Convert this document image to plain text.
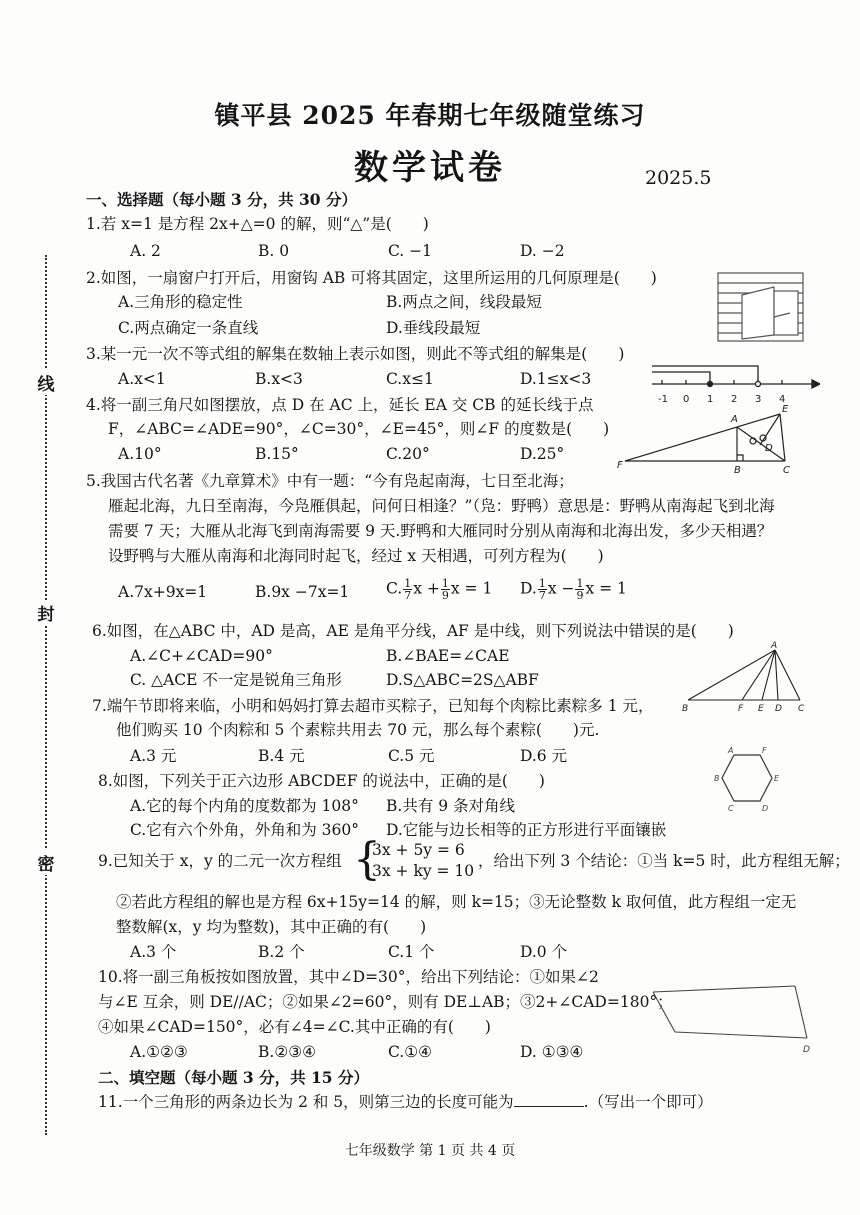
线
封
密
镇平县 2025 年春期七年级随堂练习
数学试卷	2025.5
一、选择题（每小题 3 分，共 30 分）
1.若 x=1 是方程 2x+△=0 的解，则“△”是(　　)
A. 2	B. 0	C. −1	D. −2
2.如图，一扇窗户打开后，用窗钩 AB 可将其固定，这里所运用的几何原理是(　　)
A.三角形的稳定性	B.两点之间，线段最短
C.两点确定一条直线	D.垂线段最短
3.某一元一次不等式组的解集在数轴上表示如图，则此不等式组的解集是(　　)
A.x<1	B.x<3	C.x≤1	D.1≤x<3
-1 0 1 2 3 4
4.将一副三角尺如图摆放，点 D 在 AC 上，延长 EA 交 CB 的延长线于点
F，∠ABC=∠ADE=90°，∠C=30°，∠E=45°，则∠F 的度数是(　　)
A.10°	B.15°	C.20°	D.25°
A
B	C
D
E
F
5.我国古代名著《九章算术》中有一题：“今有凫起南海，七日至北海；
雁起北海，九日至南海，今凫雁俱起，问何日相逢？”（凫：野鸭）意思是：野鸭从南海起飞到北海
需要 7 天；大雁从北海飞到南海需要 9 天.野鸭和大雁同时分别从南海和北海出发，多少天相遇？
设野鸭与大雁从南海和北海同时起飞，经过 x 天相遇，可列方程为(　　)
A.7x+9x=1	B.9x −7x=1 C. $\frac{1}{7}$ $x + \frac{1}{9}$ x = 1 D. $\frac{1}{7}$ $x - \frac{1}{9}$ x = 1
6.如图，在△ABC 中，AD 是高，AE 是角平分线，AF 是中线，则下列说法中错误的是(　　)
A.∠C+∠CAD=90°	B.∠BAE=∠CAE
C. △ACE 不一定是锐角三角形	D.S△ABC=2S△ABF
A
B	F E D C
7.端午节即将来临，小明和妈妈打算去超市买粽子，已知每个肉粽比素粽多 1 元，
他们购买 10 个肉粽和 5 个素粽共用去 70 元，那么每个素粽(　　)元.
A.3 元	B.4 元	C.5 元	D.6 元
8.如图，下列关于正六边形 ABCDEF 的说法中，正确的是(　　)
A.它的每个内角的度数都为 108° B.共有 9 条对角线
C.它有六个外角，外角和为 360° D.它能与边长相等的正方形进行平面镶嵌
A	F
E
D
C
B
9.已知关于 x，y 的二元一次方程组 {
3x + 5y = 6
3x + ky = 10
，给出下列 3 个结论：①当 k=5 时，此方程组无解；
②若此方程组的解也是方程 6x+15y=14 的解，则 k=15；③无论整数 k 取何值，此方程组一定无
整数解(x，y 均为整数)，其中正确的有(　　)
A.3 个	B.2 个	C.1 个	D.0 个
10.将一副三角板按如图放置，其中∠D=30°，给出下列结论：①如果∠2
与∠E 互余，则 DE//AC；②如果∠2=60°，则有 DE⊥AB；③2+∠CAD=180°；
④如果∠CAD=150°，必有∠4=∠C.其中正确的有(　　)
A.①②③	B.②③④	C.①④	D. ①③④	D
二、填空题（每小题 3 分，共 15 分）
11.一个三角形的两条边长为 2 和 5，则第三边的长度可能为	.（写出一个即可）
七年级数学 第 1 页 共 4 页
